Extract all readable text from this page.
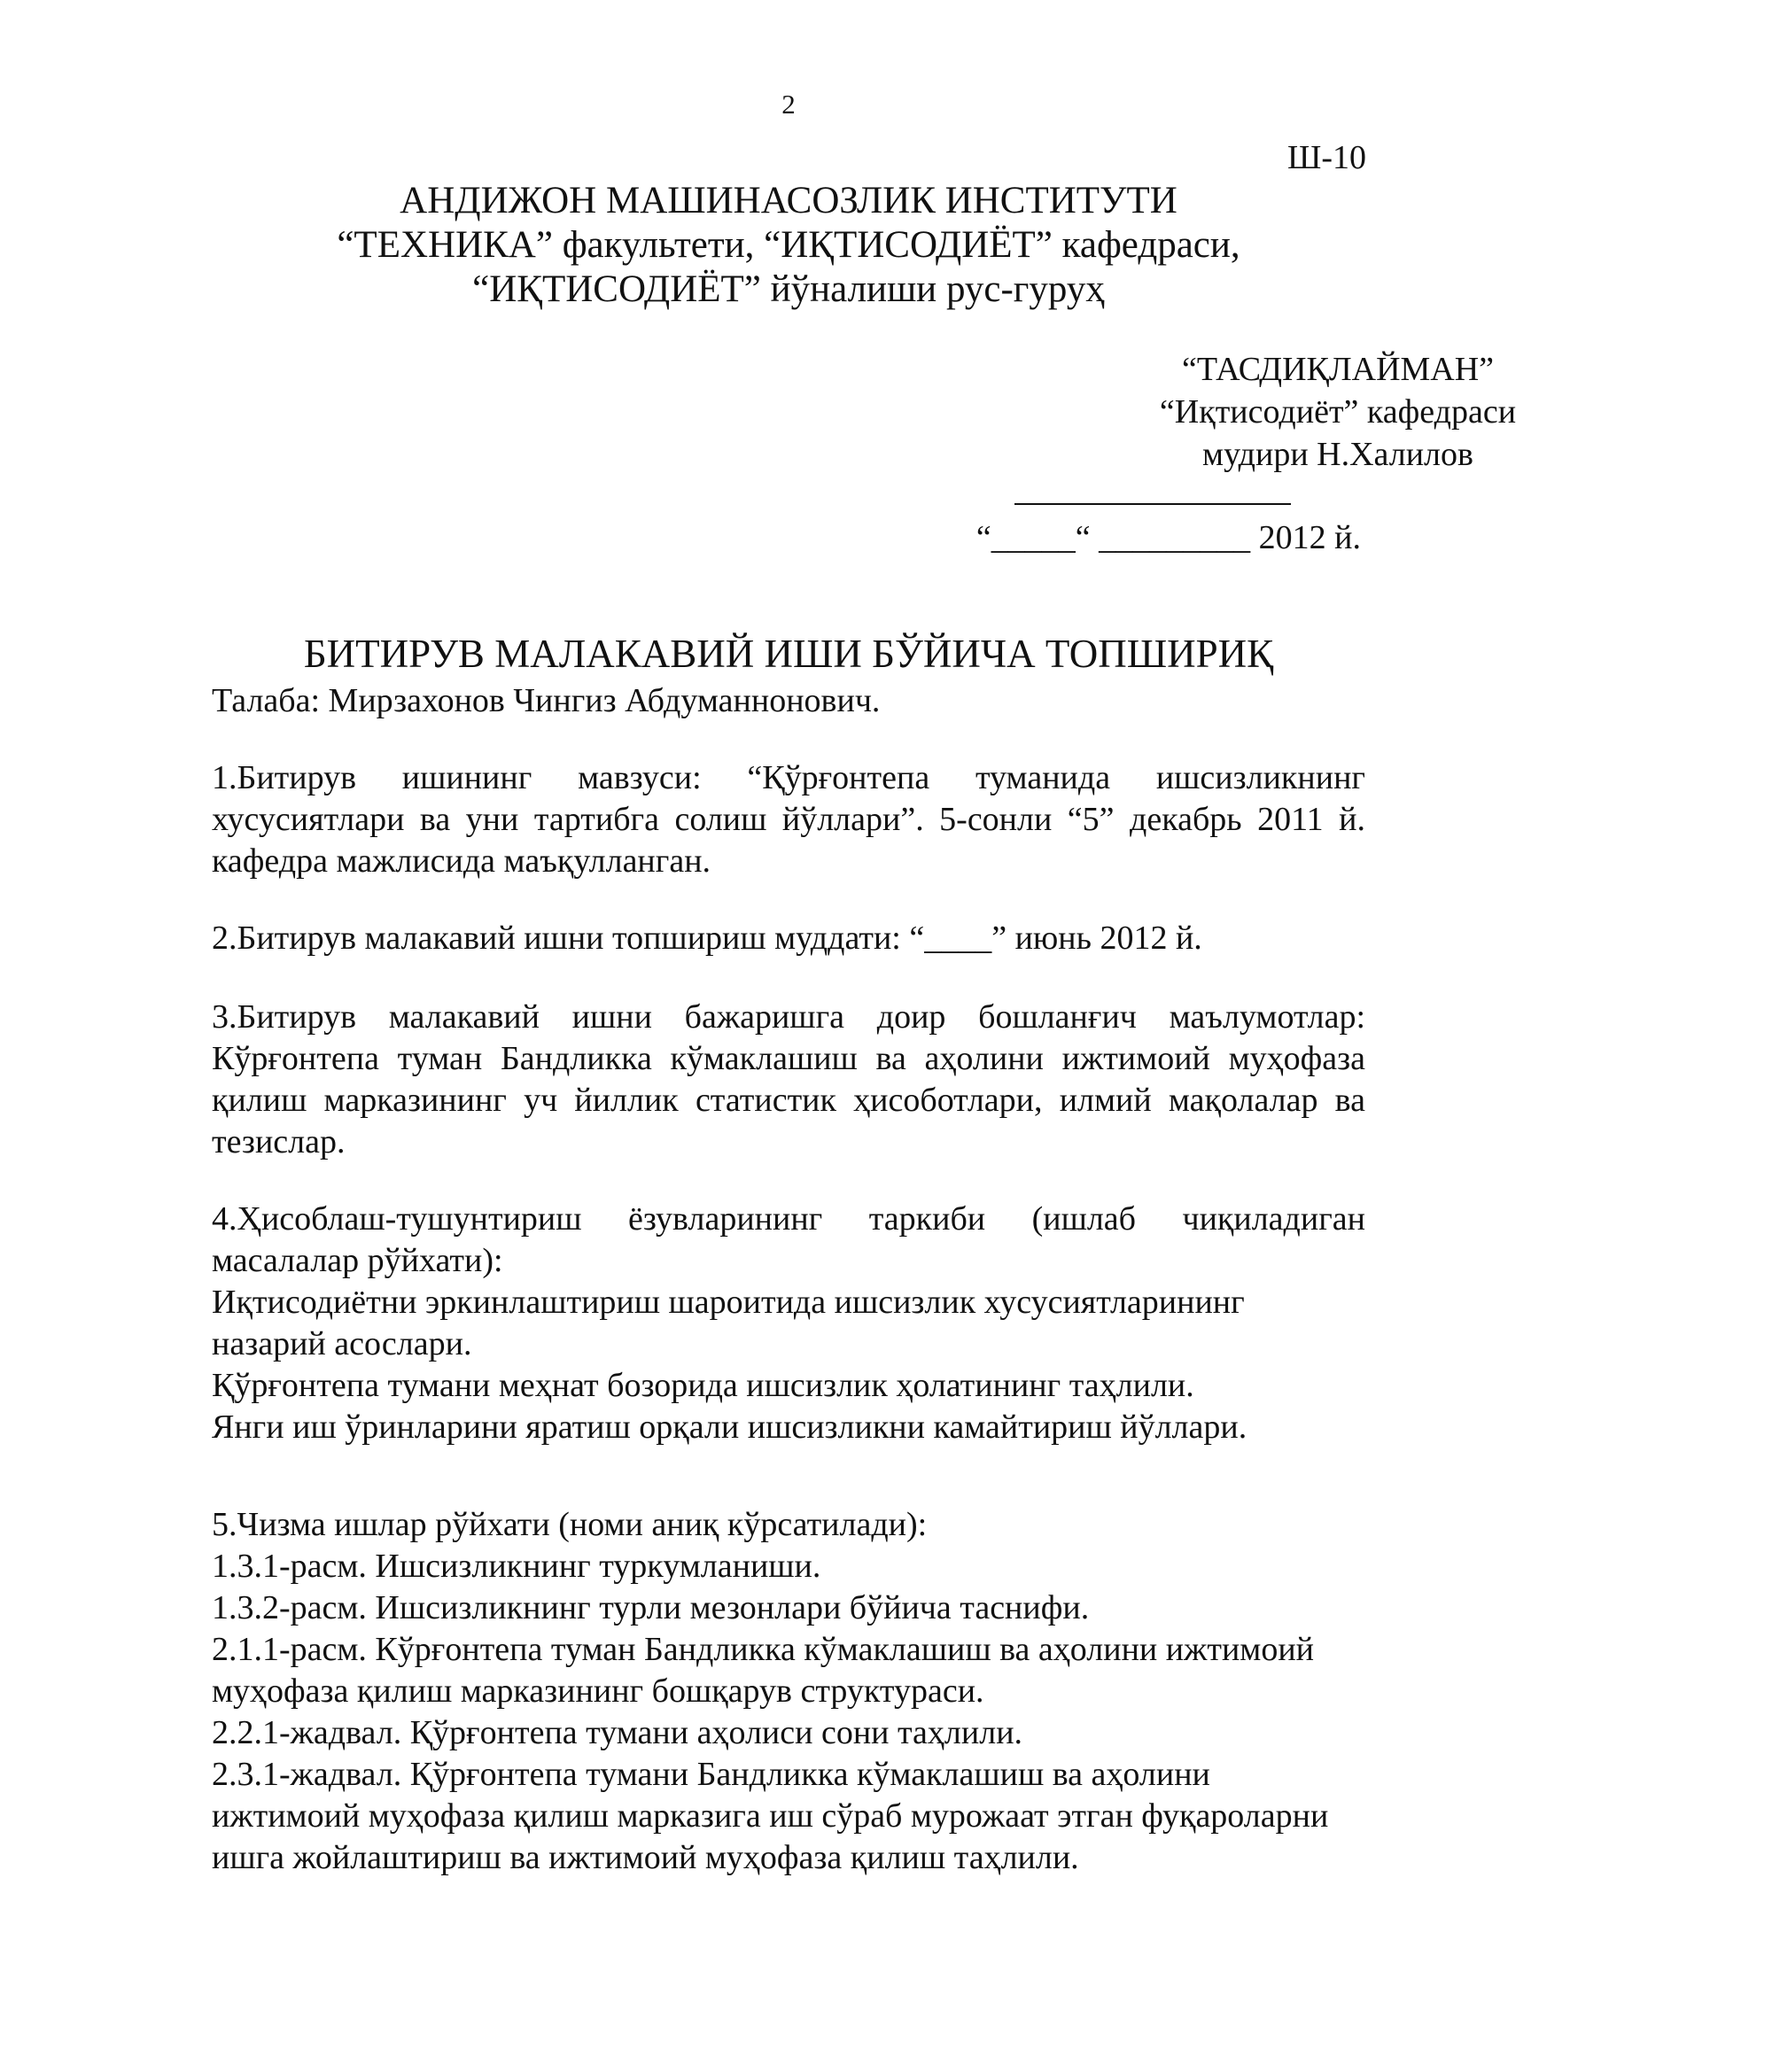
2
Ш-10
АНДИЖОН МАШИНАСОЗЛИК ИНСТИТУТИ
“ТЕХНИКА” факультети, “ИҚТИСОДИЁТ” кафедраси,
“ИҚТИСОДИЁТ” йўналиши рус-гуруҳ
“ТАСДИҚЛАЙМАН”
“Иқтисодиёт” кафедраси
мудири Н.Халилов
“_____“ _________ 2012 й.
БИТИРУВ МАЛАКАВИЙ ИШИ БЎЙИЧА ТОПШИРИҚ
Талаба: Мирзахонов Чингиз Абдуманнонович.
1.Битирув ишининг мавзуси: “Қўрғонтепа туманида ишсизликнинг
хусусиятлари ва уни тартибга солиш йўллари”. 5-сонли “5” декабрь 2011 й.
кафедра мажлисида маъқулланган.
2.Битирув малакавий ишни топшириш муддати: “____” июнь 2012 й.
3.Битирув малакавий ишни бажаришга доир бошланғич маълумотлар:
Кўрғонтепа туман Бандликка кўмаклашиш ва аҳолини ижтимоий муҳофаза
қилиш марказининг уч йиллик статистик ҳисоботлари, илмий мақолалар ва
тезислар.
4.Ҳисоблаш-тушунтириш ёзувларининг таркиби (ишлаб чиқиладиган
масалалар рўйхати):
Иқтисодиётни эркинлаштириш шароитида ишсизлик хусусиятларининг
назарий асослари.
Қўрғонтепа тумани меҳнат бозорида ишсизлик ҳолатининг таҳлили.
Янги иш ўринларини яратиш орқали ишсизликни камайтириш йўллари.
5.Чизма ишлар рўйхати (номи аниқ кўрсатилади):
1.3.1-расм. Ишсизликнинг туркумланиши.
1.3.2-расм. Ишсизликнинг турли мезонлари бўйича таснифи.
2.1.1-расм. Кўрғонтепа туман Бандликка кўмаклашиш ва аҳолини ижтимоий
муҳофаза қилиш марказининг бошқарув структураси.
2.2.1-жадвал. Қўрғонтепа тумани аҳолиси сони таҳлили.
2.3.1-жадвал. Қўрғонтепа тумани Бандликка кўмаклашиш ва аҳолини
ижтимоий муҳофаза қилиш марказига иш сўраб мурожаат этган фуқароларни
ишга жойлаштириш ва ижтимоий муҳофаза қилиш таҳлили.
